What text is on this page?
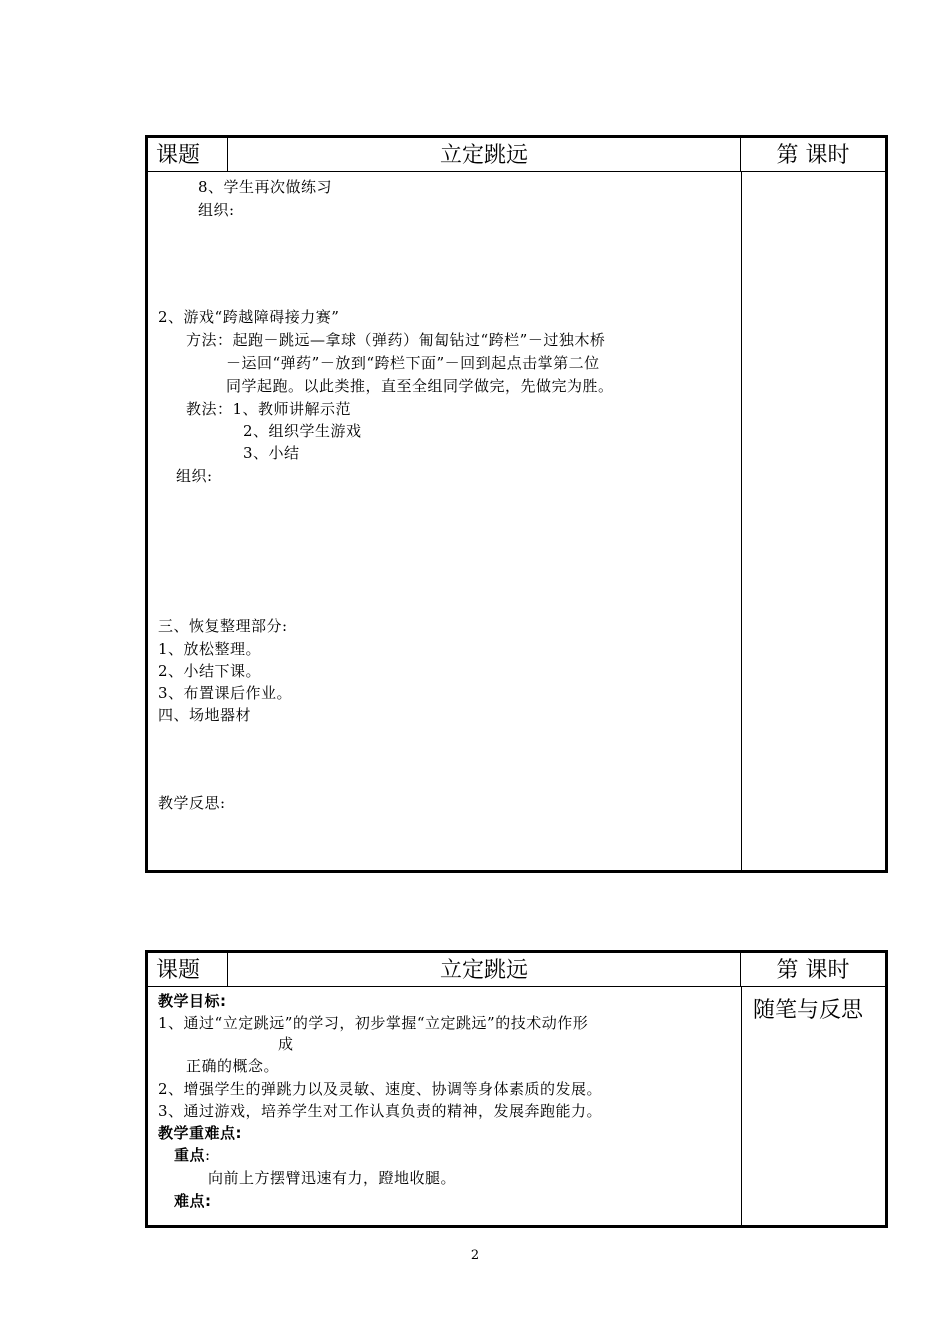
课题	立定跳远	第 课时
8、学生再次做练习
组织:
2、游戏“跨越障碍接力赛”
方法：起跑－跳远—拿球（弹药）匍匐钻过“跨栏”－过独木桥
－运回“弹药”－放到“跨栏下面”－回到起点击掌第二位
同学起跑。以此类推，直至全组同学做完，先做完为胜。
教法：1、教师讲解示范
2、组织学生游戏
3、小结
组织:
三、恢复整理部分:
1、放松整理。
2、小结下课。
3、布置课后作业。
四、场地器材
教学反思:
课题	立定跳远	第 课时
随笔与反思
教学目标:
1、通过“立定跳远”的学习，初步掌握“立定跳远”的技术动作形
成
正确的概念。
2、增强学生的弹跳力以及灵敏、速度、协调等身体素质的发展。
3、通过游戏，培养学生对工作认真负责的精神，发展奔跑能力。
教学重难点:
重点:
向前上方摆臂迅速有力，蹬地收腿。
难点:
2
